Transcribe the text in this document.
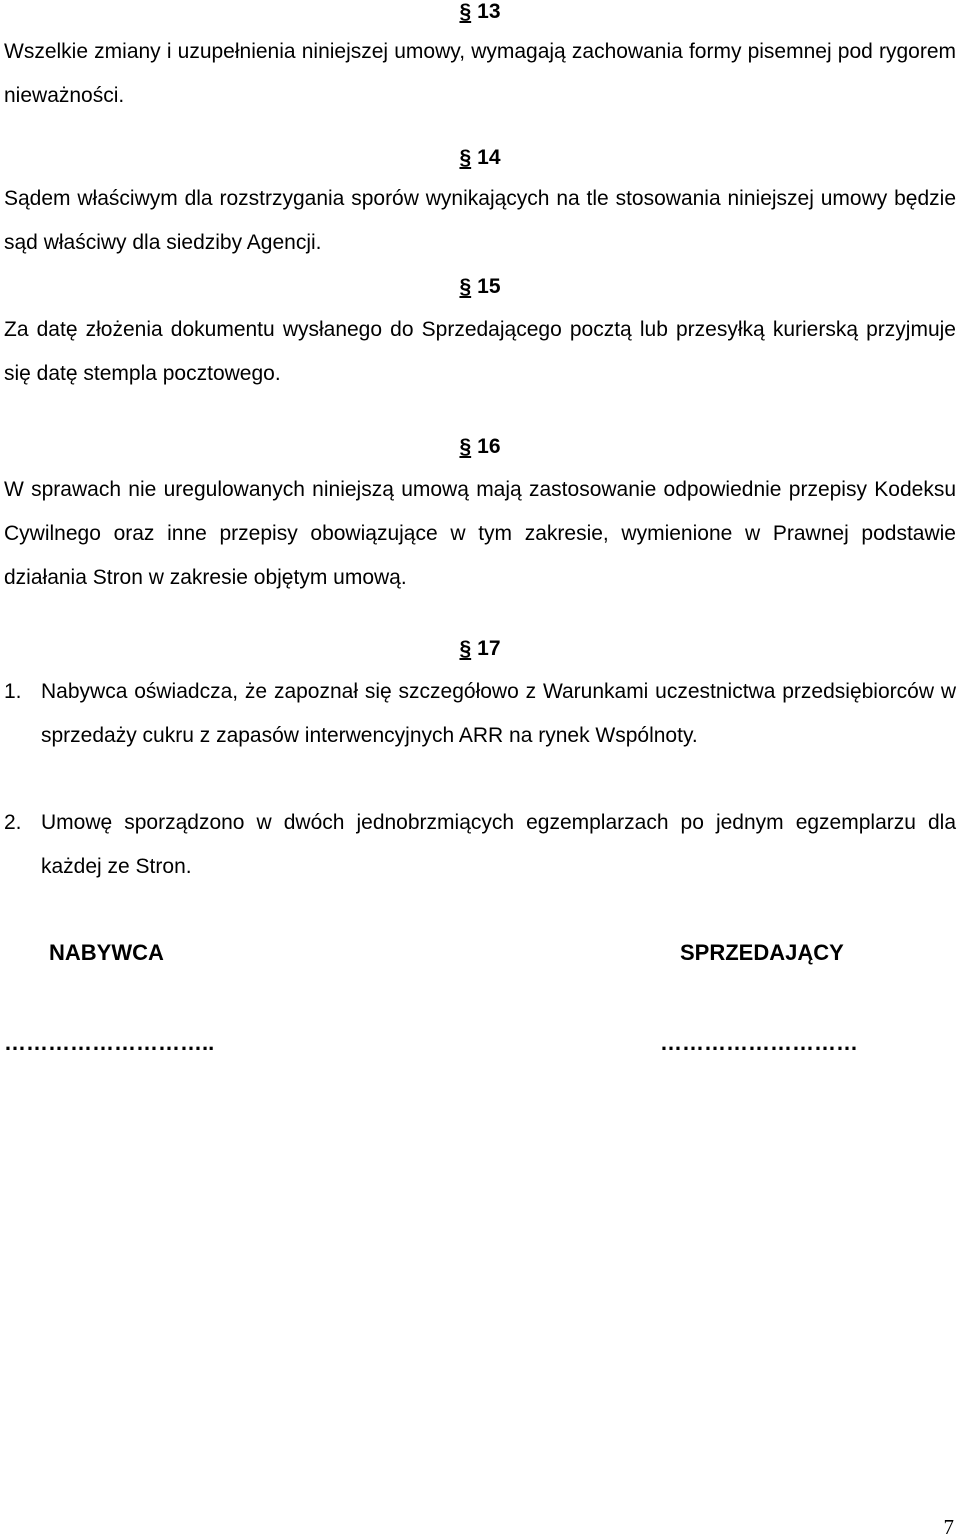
§ 13

Wszelkie zmiany i uzupełnienia niniejszej umowy, wymagają zachowania formy pisemnej pod rygorem nieważności.

§ 14

Sądem właściwym dla rozstrzygania sporów wynikających na tle stosowania niniejszej umowy będzie sąd właściwy dla siedziby Agencji.

§ 15

Za datę złożenia dokumentu wysłanego do Sprzedającego pocztą lub przesyłką kurierską przyjmuje się datę stempla pocztowego.

§ 16

W sprawach nie uregulowanych niniejszą umową mają zastosowanie odpowiednie przepisy Kodeksu Cywilnego oraz inne przepisy obowiązujące w tym zakresie, wymienione w Prawnej podstawie działania Stron w zakresie objętym umową.

§ 17
1. Nabywca oświadcza, że zapoznał się szczegółowo z Warunkami uczestnictwa przedsiębiorców w sprzedaży cukru z zapasów interwencyjnych ARR na rynek Wspólnoty.
2. Umowę sporządzono w dwóch jednobrzmiących egzemplarzach po jednym egzemplarzu dla każdej ze Stron.

NABYWCA	SPRZEDAJĄCY

………………………..	………………………

7
